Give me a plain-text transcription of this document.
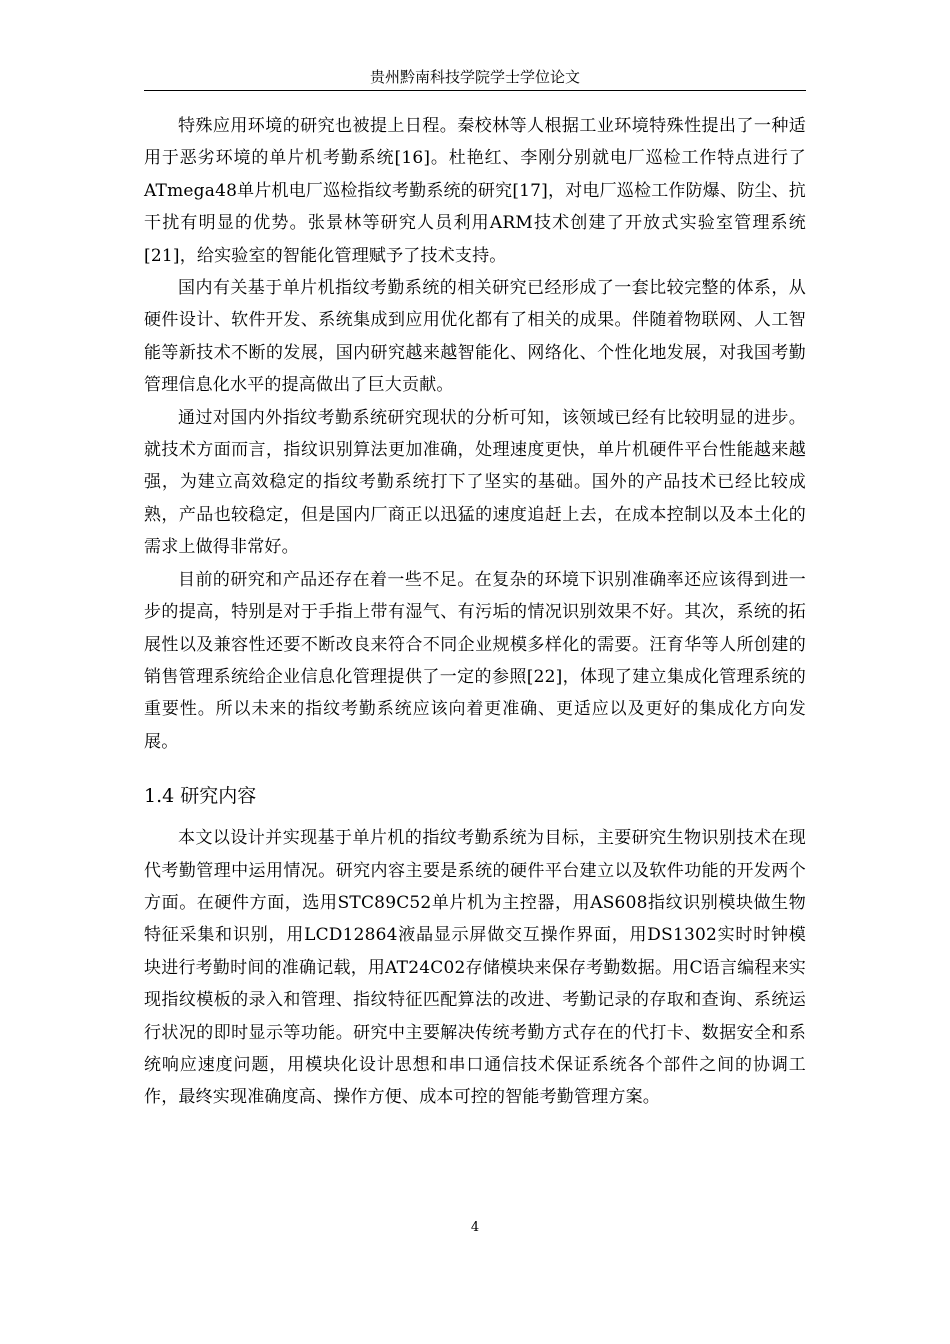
贵州黔南科技学院学士学位论文

特殊应用环境的研究也被提上日程。秦校林等人根据工业环境特殊性提出了一种适用于恶劣环境的单片机考勤系统[16]。杜艳红、李刚分别就电厂巡检工作特点进行了ATmega48单片机电厂巡检指纹考勤系统的研究[17]，对电厂巡检工作防爆、防尘、抗干扰有明显的优势。张景林等研究人员利用ARM技术创建了开放式实验室管理系统[21]，给实验室的智能化管理赋予了技术支持。

国内有关基于单片机指纹考勤系统的相关研究已经形成了一套比较完整的体系，从硬件设计、软件开发、系统集成到应用优化都有了相关的成果。伴随着物联网、人工智能等新技术不断的发展，国内研究越来越智能化、网络化、个性化地发展，对我国考勤管理信息化水平的提高做出了巨大贡献。

通过对国内外指纹考勤系统研究现状的分析可知，该领域已经有比较明显的进步。就技术方面而言，指纹识别算法更加准确，处理速度更快，单片机硬件平台性能越来越强，为建立高效稳定的指纹考勤系统打下了坚实的基础。国外的产品技术已经比较成熟，产品也较稳定，但是国内厂商正以迅猛的速度追赶上去，在成本控制以及本土化的需求上做得非常好。

目前的研究和产品还存在着一些不足。在复杂的环境下识别准确率还应该得到进一步的提高，特别是对于手指上带有湿气、有污垢的情况识别效果不好。其次，系统的拓展性以及兼容性还要不断改良来符合不同企业规模多样化的需要。汪育华等人所创建的销售管理系统给企业信息化管理提供了一定的参照[22]，体现了建立集成化管理系统的重要性。所以未来的指纹考勤系统应该向着更准确、更适应以及更好的集成化方向发展。

1.4 研究内容

本文以设计并实现基于单片机的指纹考勤系统为目标，主要研究生物识别技术在现代考勤管理中运用情况。研究内容主要是系统的硬件平台建立以及软件功能的开发两个方面。在硬件方面，选用STC89C52单片机为主控器，用AS608指纹识别模块做生物特征采集和识别，用LCD12864液晶显示屏做交互操作界面，用DS1302实时时钟模块进行考勤时间的准确记载，用AT24C02存储模块来保存考勤数据。用C语言编程来实现指纹模板的录入和管理、指纹特征匹配算法的改进、考勤记录的存取和查询、系统运行状况的即时显示等功能。研究中主要解决传统考勤方式存在的代打卡、数据安全和系统响应速度问题，用模块化设计思想和串口通信技术保证系统各个部件之间的协调工作，最终实现准确度高、操作方便、成本可控的智能考勤管理方案。

4
